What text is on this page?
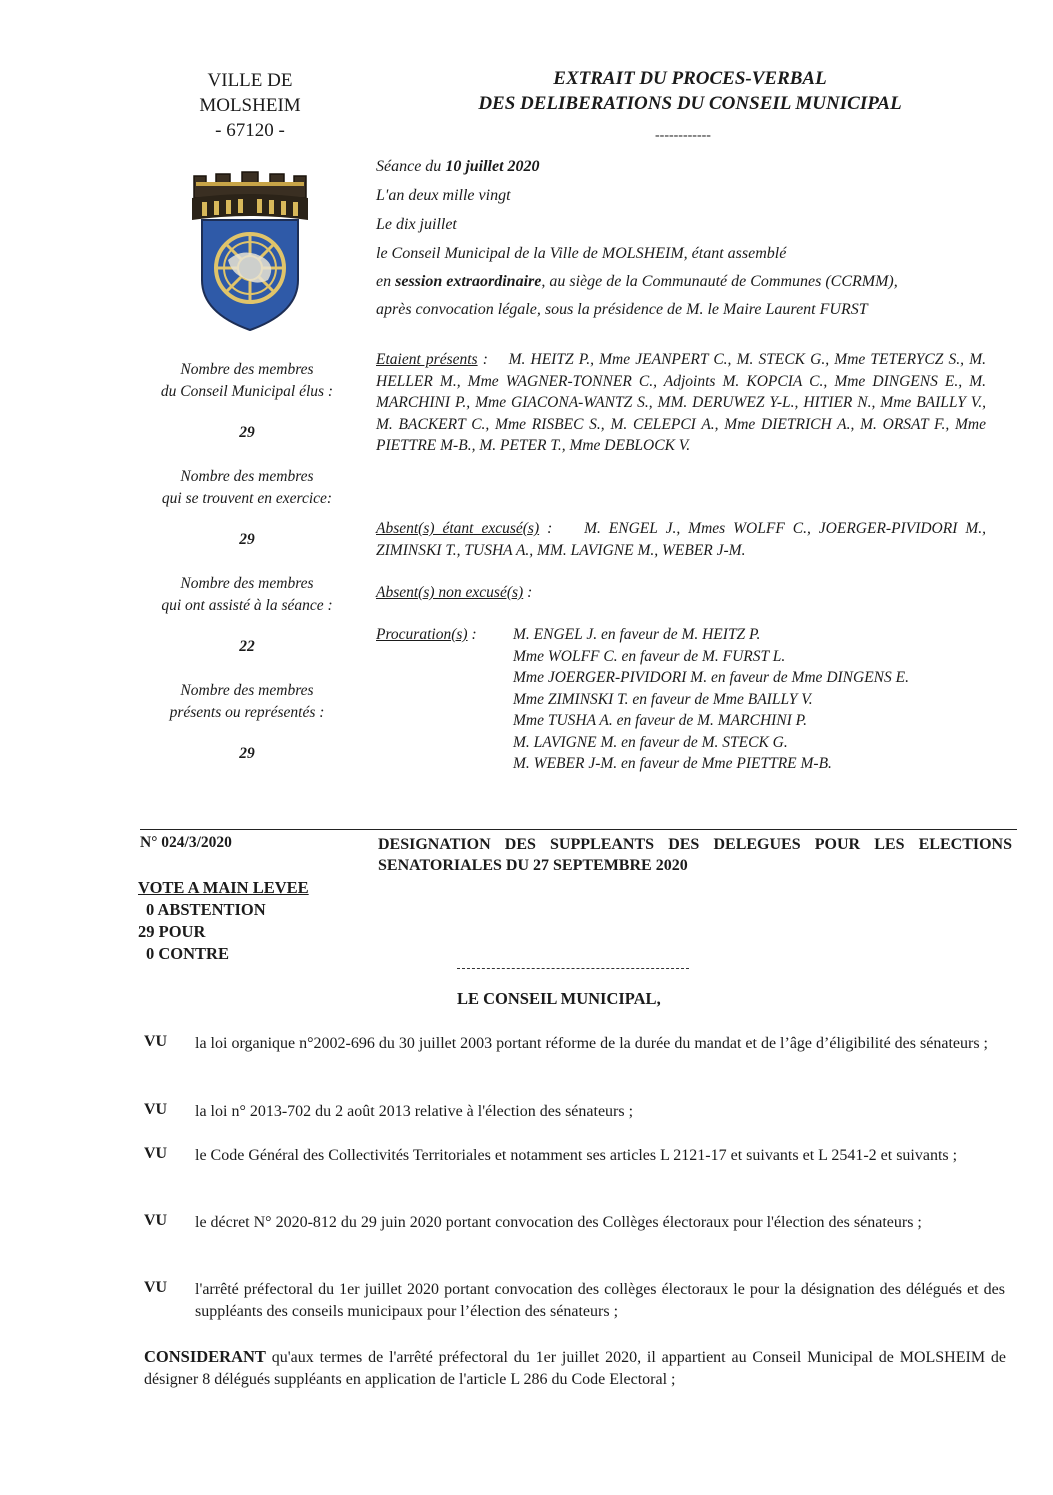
VILLE DE
MOLSHEIM
- 67120 -
EXTRAIT DU PROCES-VERBAL
DES DELIBERATIONS DU CONSEIL MUNICIPAL
------------
Séance du 10 juillet 2020
L'an deux mille vingt
Le dix juillet
le Conseil Municipal de la Ville de MOLSHEIM, étant assemblé
en session extraordinaire, au siège de la Communauté de Communes (CCRMM),
après convocation légale, sous la présidence de M. le Maire Laurent FURST
Nombre des membres
du Conseil Municipal élus :
29
Nombre des membres
qui se trouvent en exercice:
29
Nombre des membres
qui ont assisté à la séance :
22
Nombre des membres
présents ou représentés :
29
Etaient présents :    M. HEITZ P., Mme JEANPERT C., M. STECK G., Mme TETERYCZ S., M. HELLER M., Mme WAGNER-TONNER C., Adjoints M. KOPCIA C., Mme DINGENS E., M. MARCHINI P., Mme GIACONA-WANTZ S., MM. DERUWEZ Y-L., HITIER N., Mme BAILLY V., M. BACKERT C., Mme RISBEC S., M. CELEPCI A., Mme DIETRICH A., M. ORSAT F., Mme PIETTRE M-B., M. PETER T., Mme DEBLOCK V.
Absent(s) étant excusé(s) :    M. ENGEL J., Mmes WOLFF C., JOERGER-PIVIDORI M., ZIMINSKI T., TUSHA A., MM. LAVIGNE M., WEBER J-M.
Absent(s) non excusé(s) :
Procuration(s) :	M. ENGEL J. en faveur de M. HEITZ P.
Mme WOLFF C. en faveur de M. FURST L.
Mme JOERGER-PIVIDORI M. en faveur de Mme DINGENS E.
Mme ZIMINSKI T. en faveur de Mme BAILLY V.
Mme TUSHA A. en faveur de M. MARCHINI P.
M. LAVIGNE M. en faveur de M. STECK G.
M. WEBER J-M. en faveur de Mme PIETTRE M-B.
N° 024/3/2020	DESIGNATION DES SUPPLEANTS DES DELEGUES POUR LES ELECTIONS SENATORIALES DU 27 SEPTEMBRE 2020
VOTE A MAIN LEVEE
0 ABSTENTION
29 POUR
0 CONTRE
LE CONSEIL MUNICIPAL,
VU la loi organique n°2002-696 du 30 juillet 2003 portant réforme de la durée du mandat et de l’âge d’éligibilité des sénateurs ;
VU la loi n° 2013-702 du 2 août 2013 relative à l'élection des sénateurs ;
VU le Code Général des Collectivités Territoriales et notamment ses articles L 2121-17 et suivants et L 2541-2 et suivants ;
VU le décret N° 2020-812 du 29 juin 2020 portant convocation des Collèges électoraux pour l'élection des sénateurs ;
VU l'arrêté préfectoral du 1er juillet 2020 portant convocation des collèges électoraux le pour la désignation des délégués et des suppléants des conseils municipaux pour l’élection des sénateurs ;
CONSIDERANT qu'aux termes de l'arrêté préfectoral du 1er juillet 2020, il appartient au Conseil Municipal de MOLSHEIM de désigner 8 délégués suppléants en application de l'article L 286 du Code Electoral ;
